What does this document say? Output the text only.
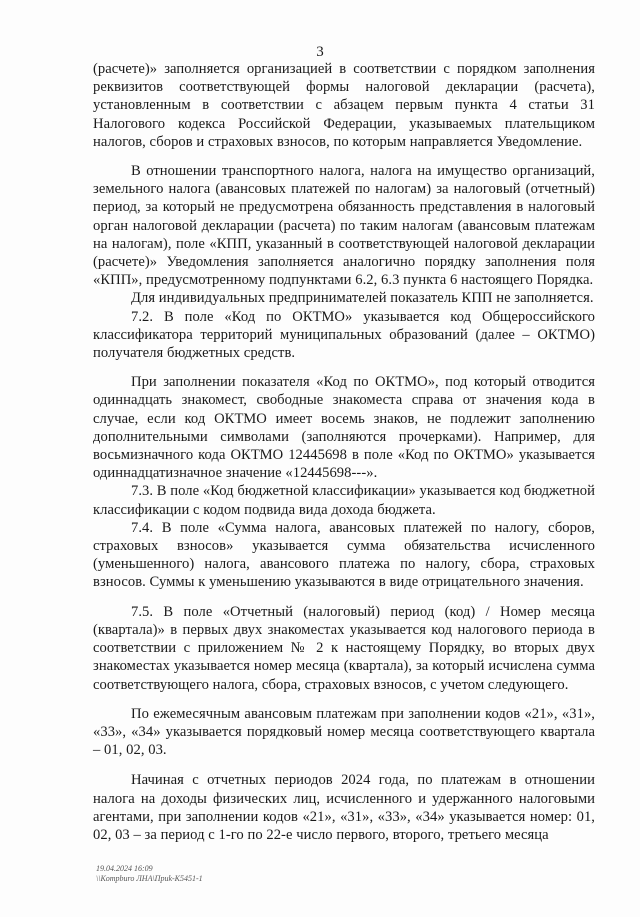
3

(расчете)» заполняется организацией в соответствии с порядком заполнения реквизитов соответствующей формы налоговой декларации (расчета), установленным в соответствии с абзацем первым пункта 4 статьи 31 Налогового кодекса Российской Федерации, указываемых плательщиком налогов, сборов и страховых взносов, по которым направляется Уведомление.

В отношении транспортного налога, налога на имущество организаций, земельного налога (авансовых платежей по налогам) за налоговый (отчетный) период, за который не предусмотрена обязанность представления в налоговый орган налоговой декларации (расчета) по таким налогам (авансовым платежам на налогам), поле «КПП, указанный в соответствующей налоговой декларации (расчете)» Уведомления заполняется аналогично порядку заполнения поля «КПП», предусмотренному подпунктами 6.2, 6.3 пункта 6 настоящего Порядка.

Для индивидуальных предпринимателей показатель КПП не заполняется.

7.2. В поле «Код по ОКТМО» указывается код Общероссийского классификатора территорий муниципальных образований (далее – ОКТМО) получателя бюджетных средств.

При заполнении показателя «Код по ОКТМО», под который отводится одиннадцать знакомест, свободные знакоместа справа от значения кода в случае, если код ОКТМО имеет восемь знаков, не подлежит заполнению дополнительными символами (заполняются прочерками). Например, для восьмизначного кода ОКТМО 12445698 в поле «Код по ОКТМО» указывается одиннадцатизначное значение «12445698---».

7.3. В поле «Код бюджетной классификации» указывается код бюджетной классификации с кодом подвида вида дохода бюджета.

7.4. В поле «Сумма налога, авансовых платежей по налогу, сборов, страховых взносов» указывается сумма обязательства исчисленного (уменьшенного) налога, авансового платежа по налогу, сбора, страховых взносов. Суммы к уменьшению указываются в виде отрицательного значения.

7.5. В поле «Отчетный (налоговый) период (код) / Номер месяца (квартала)» в первых двух знакоместах указывается код налогового периода в соответствии с приложением № 2 к настоящему Порядку, во вторых двух знакоместах указывается номер месяца (квартала), за который исчислена сумма соответствующего налога, сбора, страховых взносов, с учетом следующего.

По ежемесячным авансовым платежам при заполнении кодов «21», «31», «33», «34» указывается порядковый номер месяца соответствующего квартала – 01, 02, 03.

Начиная с отчетных периодов 2024 года, по платежам в отношении налога на доходы физических лиц, исчисленного и удержанного налоговыми агентами, при заполнении кодов «21», «31», «33», «34» указывается номер: 01, 02, 03 – за период с 1-го по 22-е число первого, второго, третьего месяца

19.04.2024 16:09
\\Kompburo ЛНА\Приk-К5451-1
